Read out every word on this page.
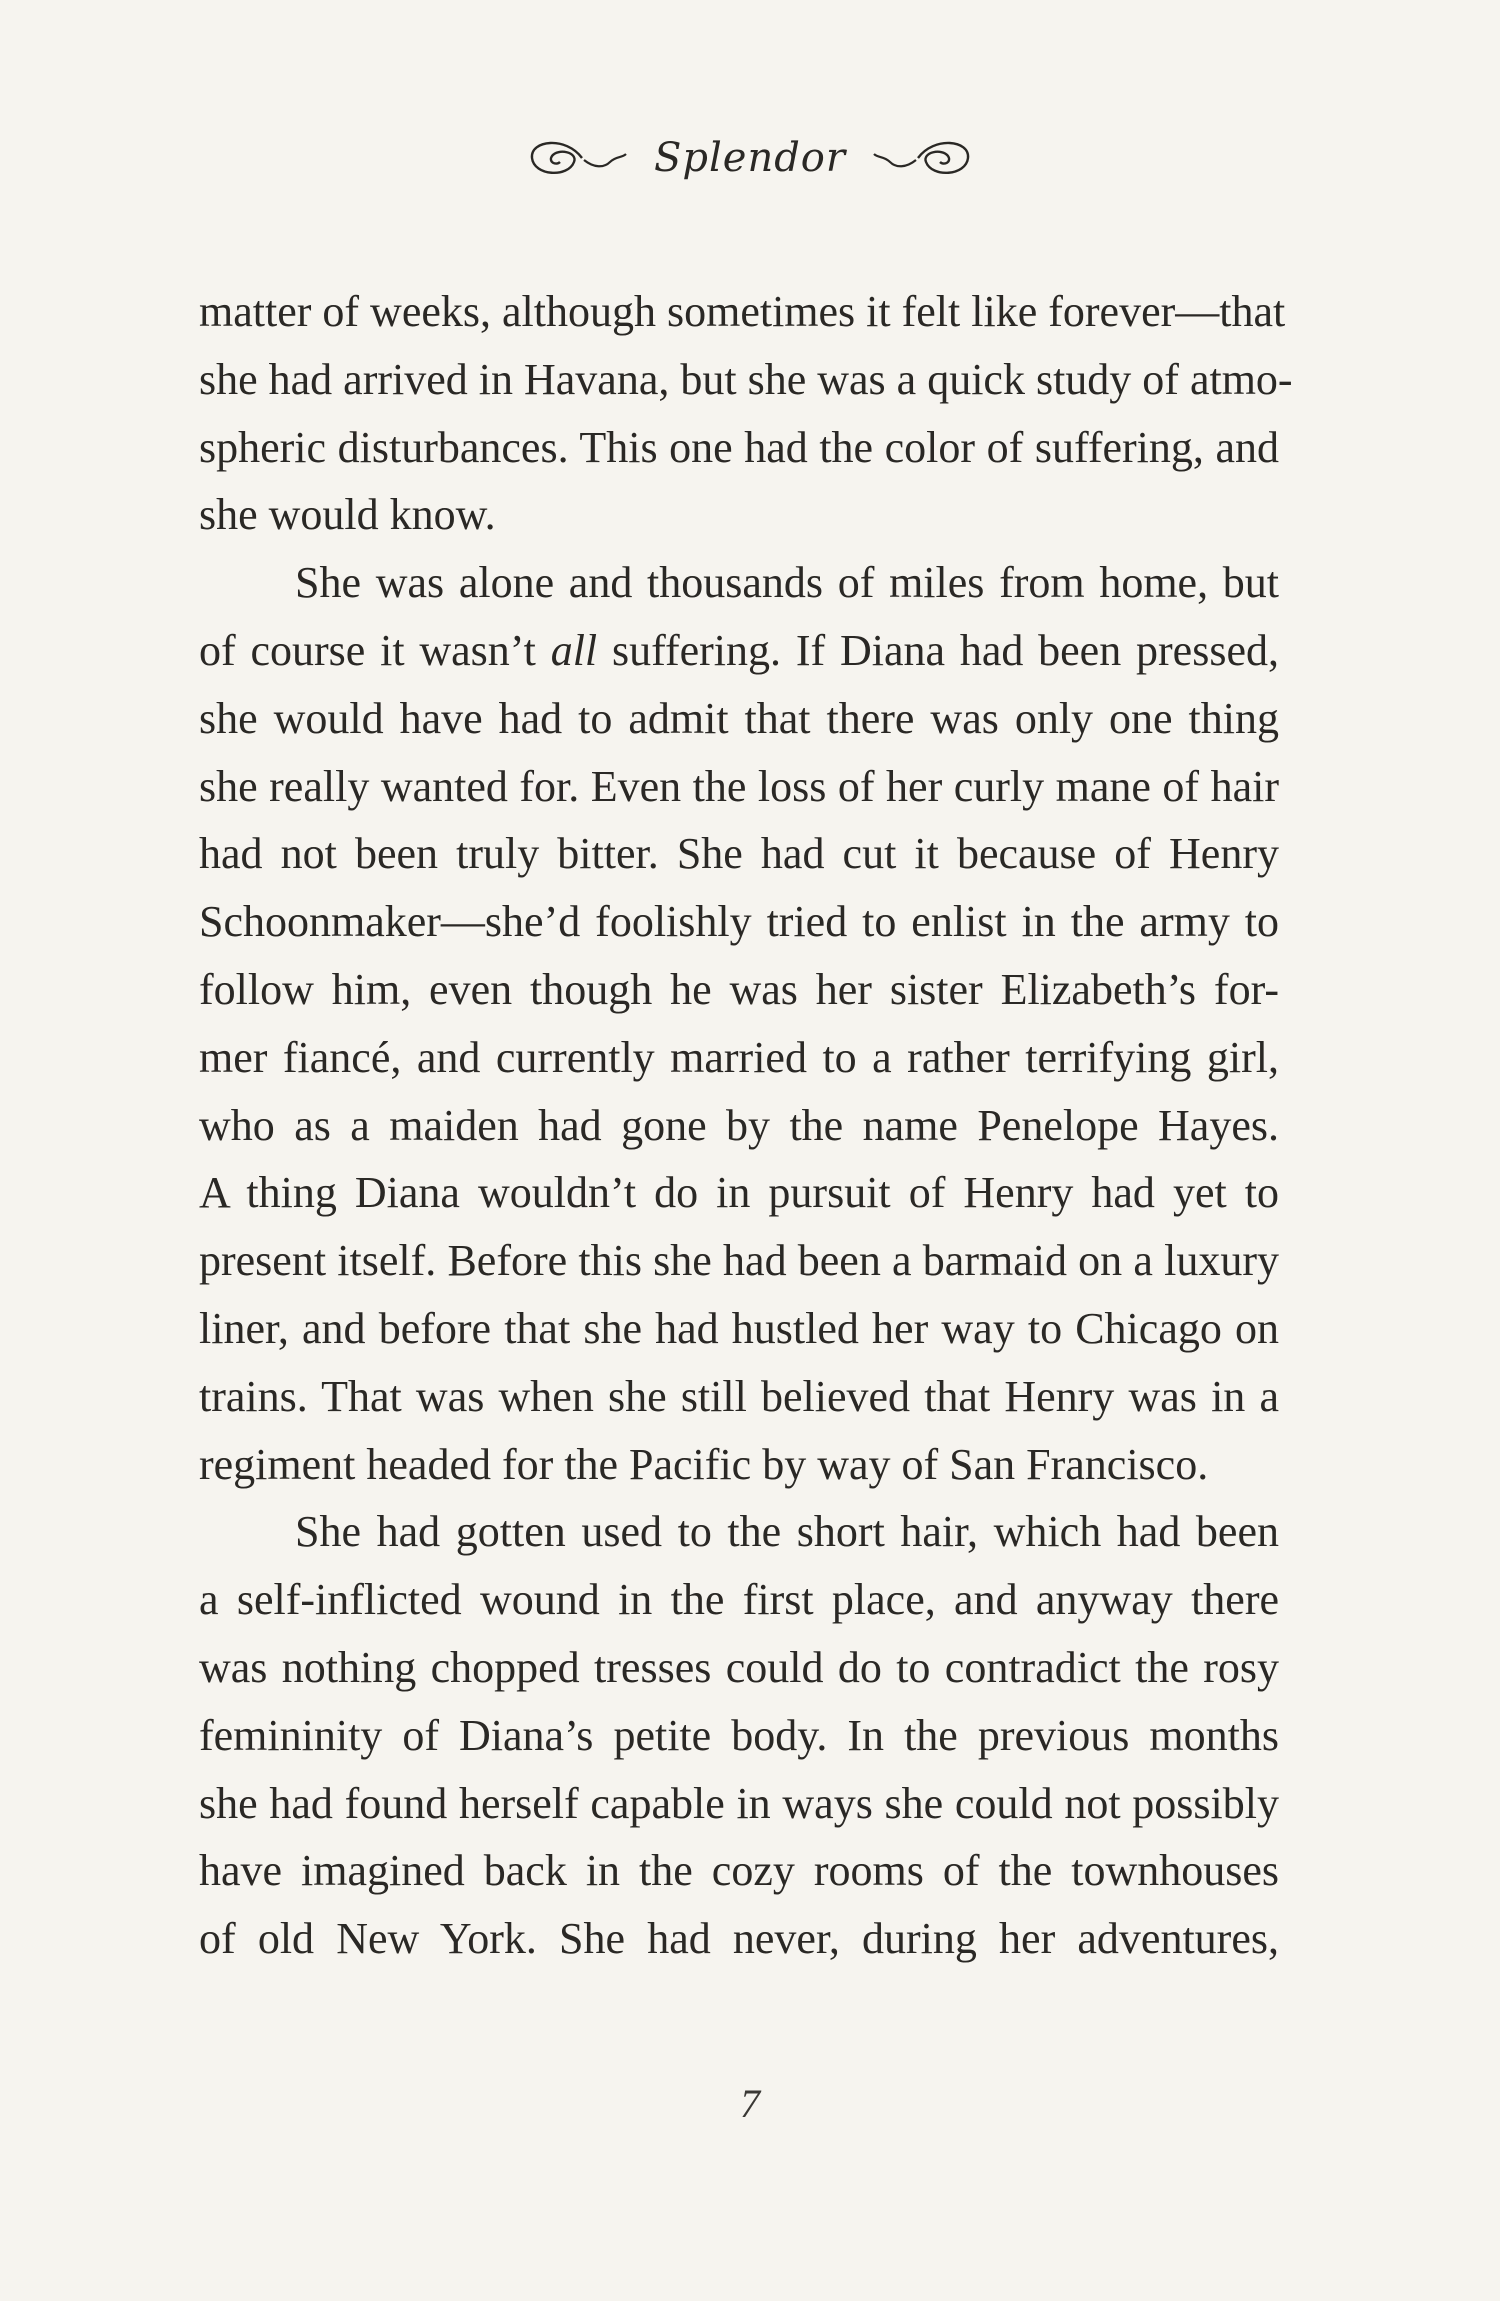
Splendor
matter of weeks, although sometimes it felt like forever—that
she had arrived in Havana, but she was a quick study of atmo-
spheric disturbances. This one had the color of suffering, and
she would know.
She was alone and thousands of miles from home, but
of course it wasn’t all suffering. If Diana had been pressed,
she would have had to admit that there was only one thing
she really wanted for. Even the loss of her curly mane of hair
had not been truly bitter. She had cut it because of Henry
Schoonmaker—she’d foolishly tried to enlist in the army to
follow him, even though he was her sister Elizabeth’s for-
mer fiancé, and currently married to a rather terrifying girl,
who as a maiden had gone by the name Penelope Hayes.
A thing Diana wouldn’t do in pursuit of Henry had yet to
present itself. Before this she had been a barmaid on a luxury
liner, and before that she had hustled her way to Chicago on
trains. That was when she still believed that Henry was in a
regiment headed for the Pacific by way of San Francisco.
She had gotten used to the short hair, which had been
a self-inflicted wound in the first place, and anyway there
was nothing chopped tresses could do to contradict the rosy
femininity of Diana’s petite body. In the previous months
she had found herself capable in ways she could not possibly
have imagined back in the cozy rooms of the townhouses
of old New York. She had never, during her adventures,
7
